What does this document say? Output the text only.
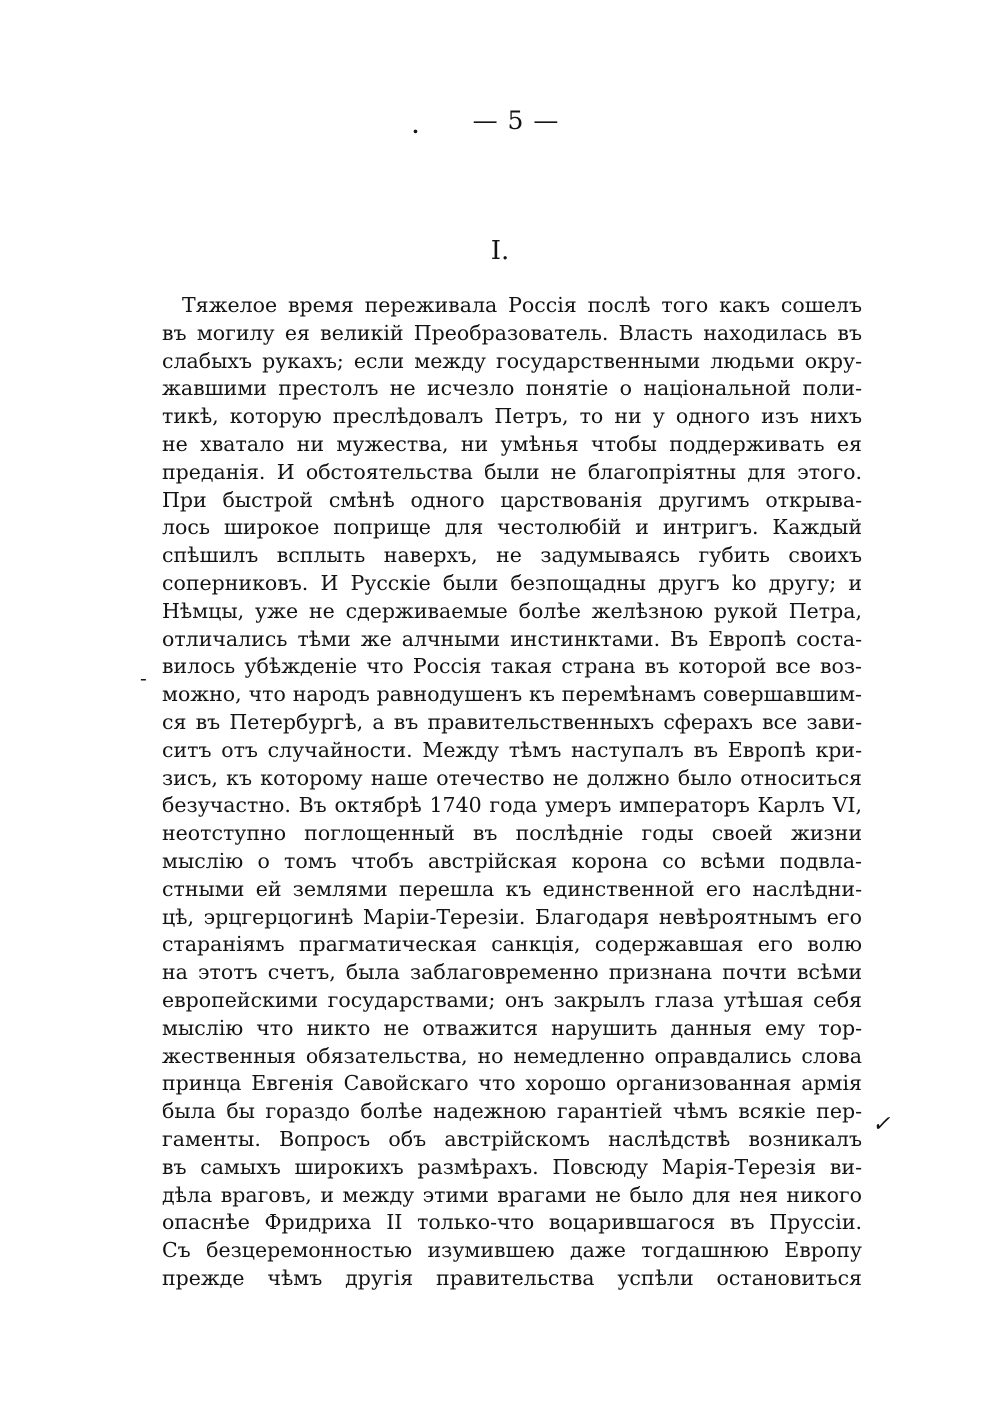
. — 5 —
I.
-
✓
Тяжелое время переживала Россія послѣ того какъ сошелъ
въ могилу ея великій Преобразователь. Власть находилась въ
слабыхъ рукахъ; если между государственными людьми окру-
жавшими престолъ не исчезло понятіе о національной поли-
тикѣ, которую преслѣдовалъ Петръ, то ни у одного изъ нихъ
не хватало ни мужества, ни умѣнья чтобы поддерживать ея
преданія. И обстоятельства были не благопріятны для этого.
При быстрой смѣнѣ одного царствованія другимъ открыва-
лось широкое поприще для честолюбій и интригъ. Каждый
спѣшилъ всплыть наверхъ, не задумываясь губить своихъ
соперниковъ. И Русскіе были безпощадны другъ ko другу; и
Нѣмцы, уже не сдерживаемые болѣе желѣзною рукой Петра,
отличались тѣми же алчными инстинктами. Въ Европѣ соста-
вилось убѣжденіе что Россія такая страна въ которой все воз-
можно, что народъ равнодушенъ къ перемѣнамъ совершавшим-
ся въ Петербургѣ, а въ правительственныхъ сферахъ все зави-
ситъ отъ случайности. Между тѣмъ наступалъ въ Европѣ кри-
зисъ, къ которому наше отечество не должно было относиться
безучастно. Въ октябрѣ 1740 года умеръ императоръ Карлъ VI,
неотступно поглощенный въ послѣдніе годы своей жизни
мыслію о томъ чтобъ австрійская корона со всѣми подвла-
стными ей землями перешла къ единственной его наслѣдни-
цѣ, эрцгерцогинѣ Маріи-Терезіи. Благодаря невѣроятнымъ его
стараніямъ прагматическая санкція, содержавшая его волю
на этотъ счетъ, была заблаговременно признана почти всѣми
европейскими государствами; онъ закрылъ глаза утѣшая себя
мыслію что никто не отважится нарушить данныя ему тор-
жественныя обязательства, но немедленно оправдались слова
принца Евгенія Савойскаго что хорошо организованная армія
была бы гораздо болѣе надежною гарантіей чѣмъ всякіе пер-
гаменты. Вопросъ объ австрійскомъ наслѣдствѣ возникалъ
въ самыхъ широкихъ размѣрахъ. Повсюду Марія-Терезія ви-
дѣла враговъ, и между этими врагами не было для нея никого
опаснѣе Фридриха II только-что воцарившагося въ Пруссіи.
Съ безцеремонностью изумившею даже тогдашнюю Европу
прежде чѣмъ другія правительства успѣли остановиться
